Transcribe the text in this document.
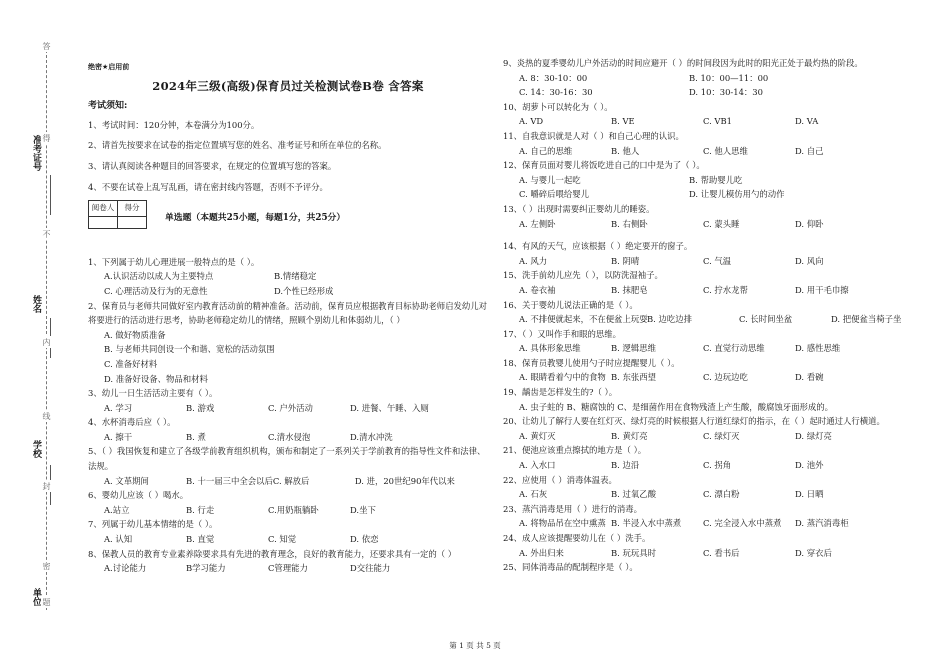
准考证号
姓名
学校
单位
答
得
不
内
线
封
密
题
绝密★启用前
2024年三级(高级)保育员过关检测试卷B卷 含答案
考试须知:
1、考试时间：120分钟，本卷满分为100分。
2、请首先按要求在试卷的指定位置填写您的姓名、准考证号和所在单位的名称。
3、请认真阅读各种题目的回答要求，在规定的位置填写您的答案。
4、不要在试卷上乱写乱画，请在密封线内答题，否则不予评分。
阅卷人	得分

单选题（本题共25小题，每题1分，共25分）
1、下列属于幼儿心理进展一般特点的是（ ）。
A.认识活动以成人为主要特点	B.情绪稳定
C. 心理活动及行为的无意性	D.个性已经形成
2、保育员与老师共同做好室内教育活动前的精神准备。活动前，保育员应根据教育目标协助老师启发幼儿对将要进行的活动进行思考，协助老师稳定幼儿的情绪，照顾个别幼儿和体弱幼儿，（ ）
A. 做好物质准备
B. 与老师共同创设一个和谐、宽松的活动氛围
C. 准备好材料
D. 准备好设备、物品和材料
3、幼儿一日生活活动主要有（ ）。
A. 学习	B. 游戏	C. 户外活动	D. 进餐、午睡、入厕
4、水杯消毒后应（ ）。
A. 擦干	B. 煮	C.清水侵泡	D.清水冲洗
5、（ ）我国恢复和建立了各级学前教育组织机构，颁布和制定了一系列关于学前教育的指导性文件和法律、法规。
A. 文革期间	B. 十一届三中全会以后 C. 解放后	D. 进，20世纪90年代以来
6、婴幼儿应该（ ）喝水。
A.站立	B. 行走	C.用奶瓶躺卧	D.坐下
7、列属于幼儿基本情绪的是（ ）。
A. 认知	B. 直觉	C. 知觉	D. 依恋
8、保教人员的教育专业素养除要求具有先进的教育理念，良好的教育能力，还要求具有一定的（ ）
A.讨论能力	B学习能力	C管理能力	D交往能力
9、炎热的夏季婴幼儿户外活动的时间应避开（ ）的时间段因为此时的阳光正处于最灼热的阶段。
A. 8：30-10：00	B. 10：00—11：00
C. 14：30-16：30	D. 10：30-14：30
10、胡萝卜可以转化为（ ）。
A. VD	B. VE	C. VB1	D. VA
11、自我意识就是人对（ ）和自己心理的认识。
A. 自己的思维	B. 他人	C. 他人思维	D. 自己
12、保育员面对婴儿将饭吃进自己的口中是为了（ ）。
A. 与婴儿一起吃	B. 帮助婴儿吃
C. 嚼碎后喂给婴儿	D. 让婴儿模仿用勺的动作
13、（ ）出现时需要纠正婴幼儿的睡姿。
A. 左侧卧	B. 右侧卧	C. 蒙头睡	D. 仰卧
14、有风的天气，应该根据（ ）绝定要开的窗子。
A. 风力	B. 阴晴	C. 气温	D. 风向
15、洗手前幼儿应先（ ），以防洗湿袖子。
A. 卷衣袖	B. 抹肥皂	C. 拧水龙帮	D. 用干毛巾擦
16、关于婴幼儿说法正确的是（ ）。
A. 不排便就起来，不在便盆上玩耍 B. 边吃边排	C. 长时间坐盆	D. 把便盆当椅子坐
17、（ ）又叫作手和眼的思维。
A. 具体形象思维	B. 逻辑思维	C. 直觉行动思维	D. 感性思维
18、保育员教婴儿使用勺子时应提醒婴儿（ ）。
A. 眼睛看着勺中的食物 B. 东张西望	C. 边玩边吃	D. 看碗
19、龋齿是怎样发生的?（ ）。
A. 虫子蛀的 B、糖腐蚀的 C、是细菌作用在食物残渣上产生酸，酸腐蚀牙面形成的。
20、让幼儿了解行人要在红灯灭、绿灯亮的时候根据人行道红绿灯的指示，在（ ）起时通过人行横道。
A. 黄灯灭	B. 黄灯亮	C. 绿灯灭	D. 绿灯亮
21、便池应该重点擦拭的地方是（ ）。
A. 入水口	B. 边沿	C. 拐角	D. 池外
22、应使用（ ）消毒体温表。
A. 石灰	B. 过氧乙酸	C. 漂白粉	D. 日晒
23、蒸汽消毒是用（ ）进行的消毒。
A. 将物品吊在空中熏蒸 B. 半浸入水中蒸煮	C. 完全浸入水中蒸煮	D. 蒸汽消毒柜
24、成人应该提醒要幼儿在（ ）洗手。
A. 外出归来	B. 玩玩具时	C. 看书后	D. 穿衣后
25、同体消毒品的配制程序是（ ）。
第 1 页 共 5 页
